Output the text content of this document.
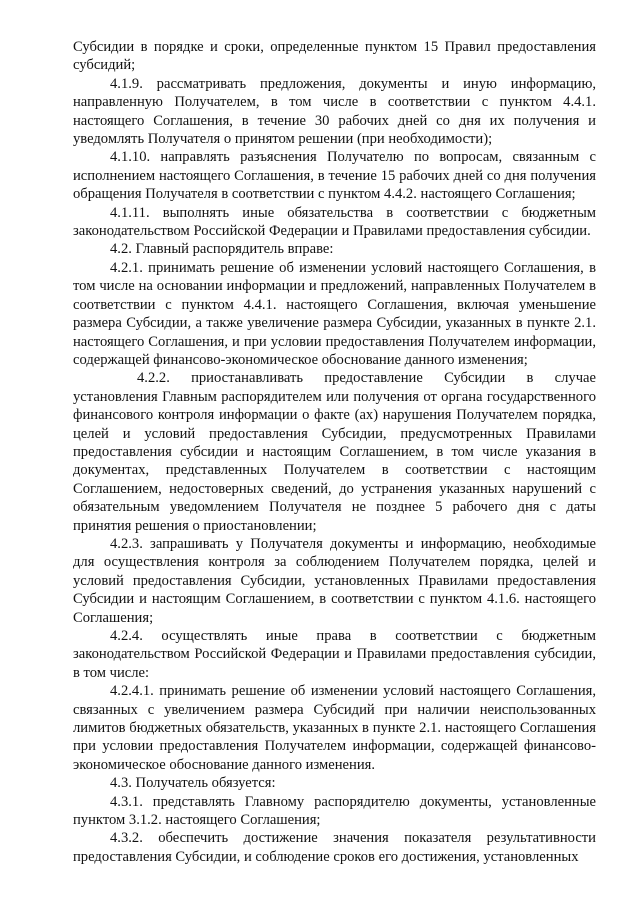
Субсидии в порядке и сроки, определенные пунктом 15 Правил предоставления субсидий;

4.1.9. рассматривать предложения, документы и иную информацию, направленную Получателем, в том числе в соответствии с пунктом 4.4.1. настоящего Соглашения, в течение 30 рабочих дней со дня их получения и уведомлять Получателя о принятом решении (при необходимости);

4.1.10. направлять разъяснения Получателю по вопросам, связанным с исполнением настоящего Соглашения, в течение 15 рабочих дней со дня получения обращения Получателя в соответствии с пунктом 4.4.2. настоящего Соглашения;

4.1.11. выполнять иные обязательства в соответствии с бюджетным законодательством Российской Федерации и Правилами предоставления субсидии.

4.2. Главный распорядитель вправе:

4.2.1. принимать решение об изменении условий настоящего Соглашения, в том числе на основании информации и предложений, направленных Получателем в соответствии с пунктом 4.4.1. настоящего Соглашения, включая уменьшение размера Субсидии, а также увеличение размера Субсидии, указанных в пункте 2.1. настоящего Соглашения, и при условии предоставления Получателем информации, содержащей финансово-экономическое обоснование данного изменения;

4.2.2. приостанавливать предоставление Субсидии в случае установления Главным распорядителем или получения от органа государственного финансового контроля информации о факте (ах) нарушения Получателем порядка, целей и условий предоставления Субсидии, предусмотренных Правилами предоставления субсидии и настоящим Соглашением, в том числе указания в документах, представленных Получателем в соответствии с настоящим Соглашением, недостоверных сведений, до устранения указанных нарушений с обязательным уведомлением Получателя не позднее 5 рабочего дня с даты принятия решения о приостановлении;

4.2.3. запрашивать у Получателя документы и информацию, необходимые для осуществления контроля за соблюдением Получателем порядка, целей и условий предоставления Субсидии, установленных Правилами предоставления Субсидии и настоящим Соглашением, в соответствии с пунктом 4.1.6. настоящего Соглашения;

4.2.4. осуществлять иные права в соответствии с бюджетным законодательством Российской Федерации и Правилами предоставления субсидии, в том числе:

4.2.4.1. принимать решение об изменении условий настоящего Соглашения, связанных с увеличением размера Субсидий при наличии неиспользованных лимитов бюджетных обязательств, указанных в пункте 2.1. настоящего Соглашения при условии предоставления Получателем информации, содержащей финансово-экономическое обоснование данного изменения.

4.3. Получатель обязуется:

4.3.1. представлять Главному распорядителю документы, установленные пунктом 3.1.2. настоящего Соглашения;

4.3.2. обеспечить достижение значения показателя результативности предоставления Субсидии, и соблюдение сроков его достижения, установленных
